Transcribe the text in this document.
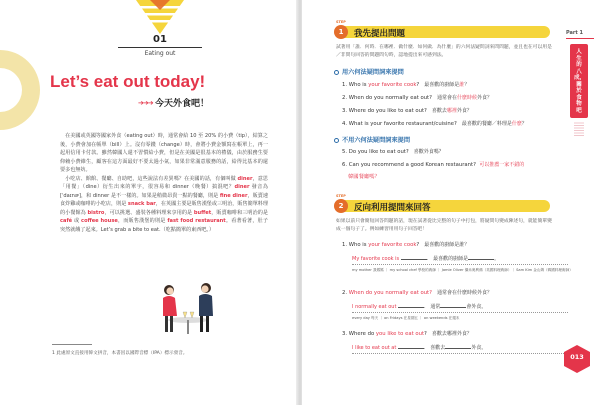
01
Eating out
Let’s eat out today!
➔➔➔ 今天外食吧！

　在美國或英國等國家外食（eating out）時，通常會給 10 至 20% 的小費（tip），結算之後，小費會加在帳單（bill）上。沒有零錢（change）時，會將小費金額寫在帳單上，再一起用信用卡付款。雖然韓國人還不習慣給小費，但是在美國是很基本的禮儀，由於服務生要仰賴小費維生，顧客在這方面最好不要太過小氣，如果非常滿意服務的話，給得比基本的還要多也無妨。

　小吃店、館館、餐廳、自助吧，這些說法有差異嗎？在美國的話，有個叫做 diner，意思「用餐」（dine）衍生出來的單字，很容易和 dinner（晚餐）搞混吧？diner 發音為 [ˈdaɪnɚ]，和 dinner 是不一樣的。如果是稍微昂貴一點的餐廳，則是 fine diner，販賣速食炸雞或咖啡的小吃店，則是 snack bar，在英國主要是販售漢堡或三明治，販售簡單料理的小餐館為 bistro，可以挑選、盛裝各種料理來享用的是 buffet，販賣咖啡和三明治的是 café 或 coffee house，而販售漢堡的則是 fast food restaurant。看著看著，肚子突然就餓了起來。Let’s grab a bite to eat.（吃點簡單的東西吧。）

1 此處原文直接用韓文拼音，本書因以國際音標（IPA）標示發音。
Part 1
人生的八成，關於食物吧
1
STEP
我先提出問題
試著用「誰．何時．在哪裡．做什麼．如何做．為什麼」的六何法疑問詞來問問題，並且也在可以用是／非問句回答的問題問句時，認地提出來可感到法。
用六何法疑問詞來提問
1. Who is your favorite cook? 最喜歡的廚師是誰？
2. When do you normally eat out? 通常會在什麼時候外食？
3. Where do you like to eat out? 喜歡去哪裡外食？
4. What is your favorite restaurant/cuisine? 最喜歡的餐廳／料理是什麼？
不用六何法疑問詞來提問
5. Do you like to eat out? 喜歡外食嗎？
6. Can you recommend a good Korean restaurant? 可以推薦一家不錯的
韓國餐廳嗎？
2
STEP
反向利用提問來回答
如果以前只會簡短回答問題的話，現在試著從比完整的句子中打包，將疑問句變成陳述句，就能簡單變成一個句子了。例如練習用用句子回答吧！
1. Who is your favorite cook? 最喜歡的廚師是誰？
My favorite cook is	. 最喜歡的廚師是	。
my mother 我媽媽 ｜ my school chef 學校的廚師 ｜ Jamie Oliver 傑米奧利佛（英國料理廚師）｜ Sam Kim 金山姆（韓國料理廚師）
2. When do you normally eat out? 通常會在什麼時候外食？
I normally eat out	. 通常	會外食。
every day 每天 ｜ on Fridays 在星期五 ｜ on weekends 在週末
3. Where do you like to eat out? 喜歡去哪裡外食？
I like to eat out at	. 喜歡去	外食。
013
